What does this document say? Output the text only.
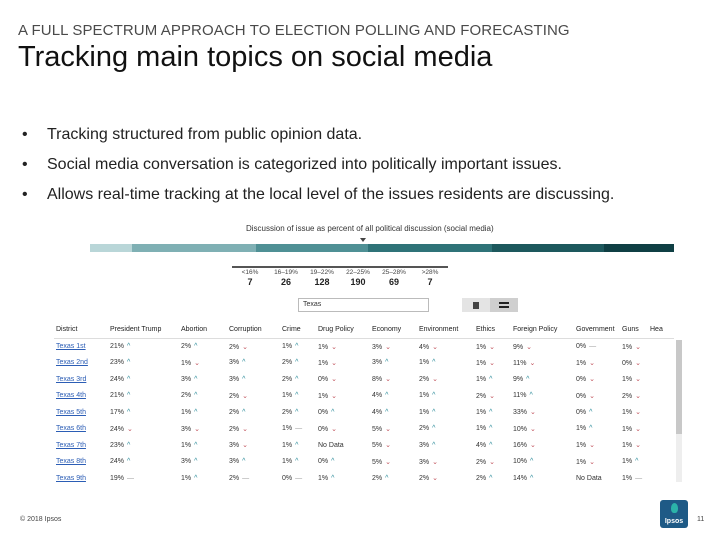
A FULL SPECTRUM APPROACH TO ELECTION POLLING AND FORECASTING
Tracking main topics on social media
• Tracking structured from public opinion data.
• Social media conversation is categorized into politically important issues.
• Allows real-time tracking at the local level of the issues residents are discussing.
Discussion of issue as percent of all political discussion (social media)
<16%
7
16–19%
26
19–22%
128
22–25%
190
25–28%
69
>28%
7
Texas
District	President Trump	Abortion	Corruption	Crime	Drug Policy	Economy	Environment	Ethics	Foreign Policy	Government	Guns	Hea
Texas 1st	21% ^	2% ^	2% ⌄	1% ^	1% ⌄	3% ⌄	4% ⌄	1% ⌄	9% ⌄	0% —	1% ⌄	
Texas 2nd	23% ^	1% ⌄	3% ^	2% ^	1% ⌄	3% ^	1% ^	1% ⌄	11% ⌄	1% ⌄	0% ⌄	
Texas 3rd	24% ^	3% ^	3% ^	2% ^	0% ⌄	8% ⌄	2% ⌄	1% ^	9% ^	0% ⌄	1% ⌄	
Texas 4th	21% ^	2% ^	2% ⌄	1% ^	1% ⌄	4% ^	1% ^	2% ⌄	11% ^	0% ⌄	2% ⌄	
Texas 5th	17% ^	1% ^	2% ^	2% ^	0% ^	4% ^	1% ^	1% ^	33% ⌄	0% ^	1% ⌄	
Texas 6th	24% ⌄	3% ⌄	2% ⌄	1% —	0% ⌄	5% ⌄	2% ^	1% ^	10% ⌄	1% ^	1% ⌄	
Texas 7th	23% ^	1% ^	3% ⌄	1% ^	No Data	5% ⌄	3% ^	4% ^	16% ⌄	1% ⌄	1% ⌄	
Texas 8th	24% ^	3% ^	3% ^	1% ^	0% ^	5% ⌄	3% ⌄	2% ⌄	10% ^	1% ⌄	1% ^	
Texas 9th	19% —	1% ^	2% —	0% —	1% ^	2% ^	2% ⌄	2% ^	14% ^	No Data	1% —	
© 2018 Ipsos	Ipsos 11
